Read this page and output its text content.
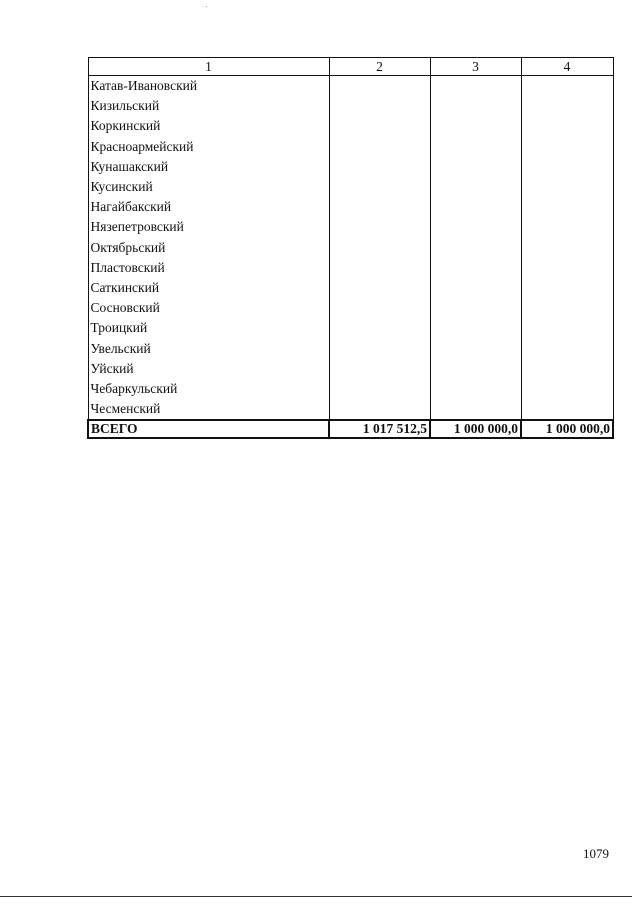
1	2	3	4
Катав-Ивановский			
Кизильский			
Коркинский			
Красноармейский			
Кунашакский			
Кусинский			
Нагайбакский			
Нязепетровский			
Октябрьский			
Пластовский			
Саткинский			
Сосновский			
Троицкий			
Увельский			
Уйский			
Чебаркульский			
Чесменский			
ВСЕГО	1 017 512,5	1 000 000,0	1 000 000,0
1079
